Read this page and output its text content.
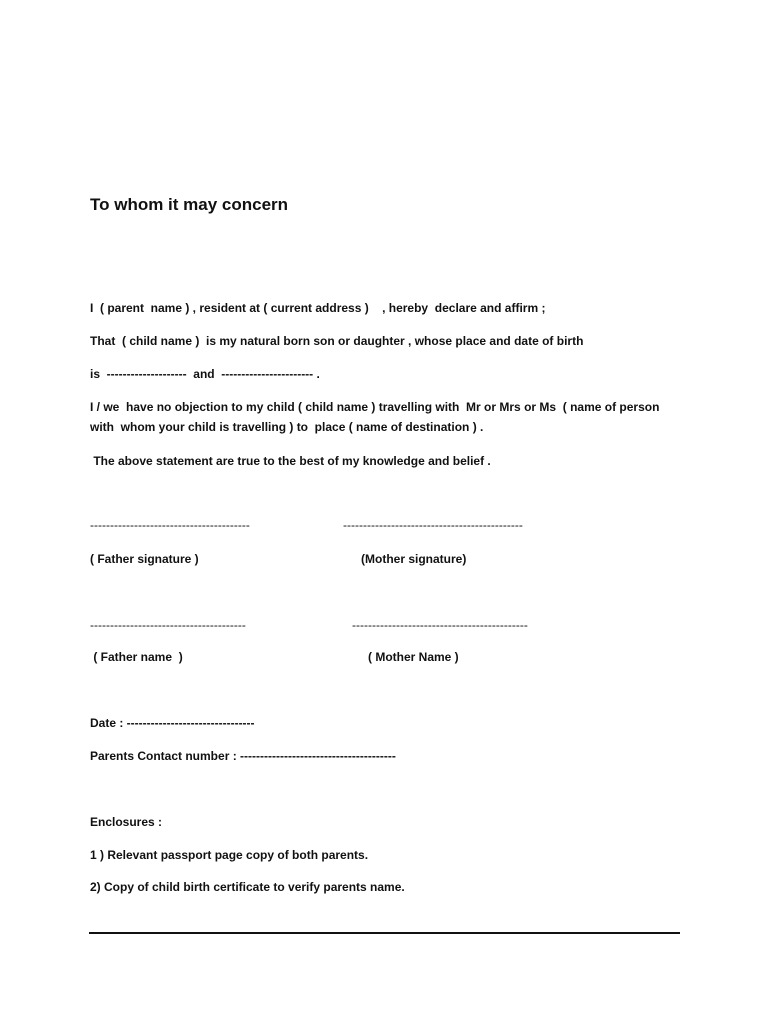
To whom it may concern
I  ( parent  name ) , resident at ( current address )    , hereby  declare and affirm ;
That  ( child name )  is my natural born son or daughter , whose place and date of birth
is  --------------------  and  ----------------------- .
I / we  have no objection to my child ( child name ) travelling with  Mr or Mrs or Ms  ( name of person
with  whom your child is travelling ) to  place ( name of destination ) .
The above statement are true to the best of my knowledge and belief .
----------------------------------------	---------------------------------------------
( Father signature )	(Mother signature)
---------------------------------------	--------------------------------------------
( Father name  )	( Mother Name )
Date : --------------------------------
Parents Contact number : ---------------------------------------
Enclosures :
1 ) Relevant passport page copy of both parents.
2) Copy of child birth certificate to verify parents name.
